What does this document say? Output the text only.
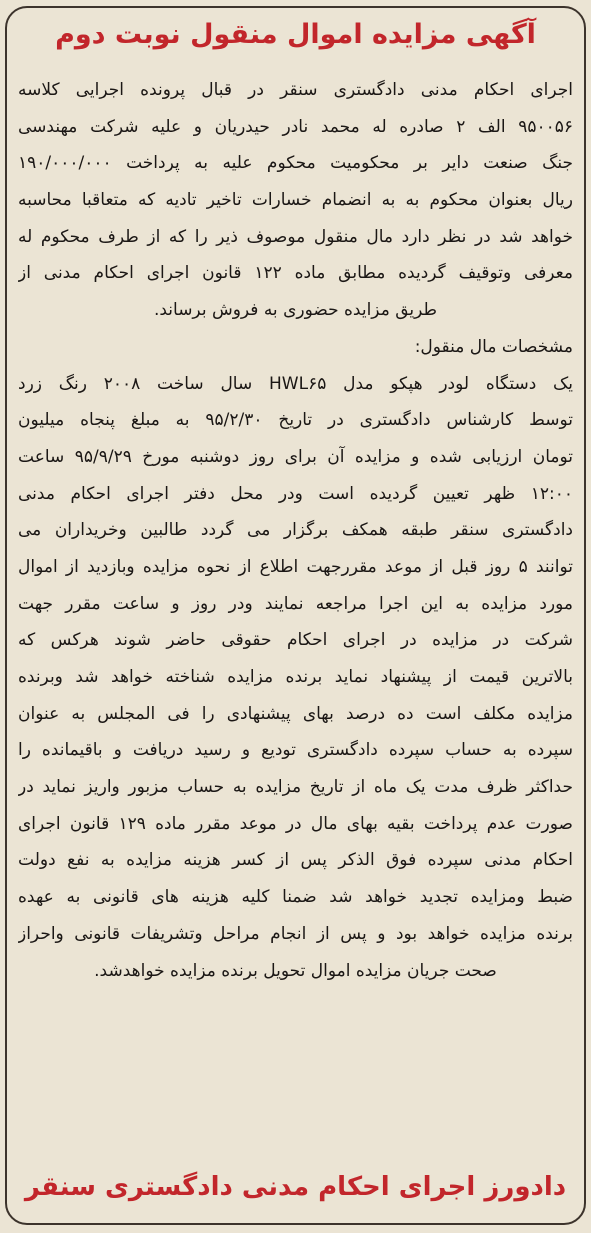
آگهی مزایده اموال منقول نوبت دوم
اجرای احکام مدنی دادگستری سنقر در قبال پرونده اجرایی کلاسه
۹۵۰۰۵۶ الف ۲ صادره له محمد نادر حیدریان و علیه شرکت مهندسی
جنگ صنعت دایر بر محکومیت محکوم علیه به پرداخت ۱۹۰/۰۰۰/۰۰۰
ریال بعنوان محکوم به به انضمام خسارات تاخیر تادیه که متعاقبا محاسبه
خواهد شد در نظر دارد مال منقول موصوف ذیر را که از طرف محکوم له
معرفی وتوقیف گردیده مطابق ماده ۱۲۲ قانون اجرای احکام مدنی از
طریق مزایده حضوری به فروش برساند.
مشخصات مال منقول:
یک دستگاه لودر هپکو مدل HWL۶۵ سال ساخت ۲۰۰۸ رنگ زرد
توسط کارشناس دادگستری در تاریخ ۹۵/۲/۳۰ به مبلغ پنجاه میلیون
تومان ارزیابی شده و مزایده آن برای روز دوشنبه مورخ ۹۵/۹/۲۹ ساعت
۱۲:۰۰ ظهر تعیین گردیده است ودر محل دفتر اجرای احکام مدنی
دادگستری سنقر طبقه همکف برگزار می گردد طالبین وخریداران می
توانند ۵ روز قبل از موعد مقررجهت اطلاع از نحوه مزایده وبازدید از اموال
مورد مزایده به این اجرا مراجعه نمایند ودر روز و ساعت مقرر جهت
شرکت در مزایده در اجرای احکام حقوقی حاضر شوند هرکس که
بالاترین قیمت از پیشنهاد نماید برنده مزایده شناخته خواهد شد وبرنده
مزایده مکلف است ده درصد بهای پیشنهادی را فی المجلس به عنوان
سپرده به حساب سپرده دادگستری تودیع و رسید دریافت و باقیمانده را
حداکثر ظرف مدت یک ماه از تاریخ مزایده به حساب مزبور واریز نماید در
صورت عدم پرداخت بقیه بهای مال در موعد مقرر ماده ۱۲۹ قانون اجرای
احکام مدنی سپرده فوق الذکر پس از کسر هزینه مزایده به نفع دولت
ضبط ومزایده تجدید خواهد شد ضمنا کلیه هزینه های قانونی به عهده
برنده مزایده خواهد بود و پس از انجام مراحل وتشریفات قانونی واحراز
صحت جریان مزایده اموال تحویل برنده مزایده خواهدشد.
دادورز اجرای احکام مدنی دادگستری سنقر
